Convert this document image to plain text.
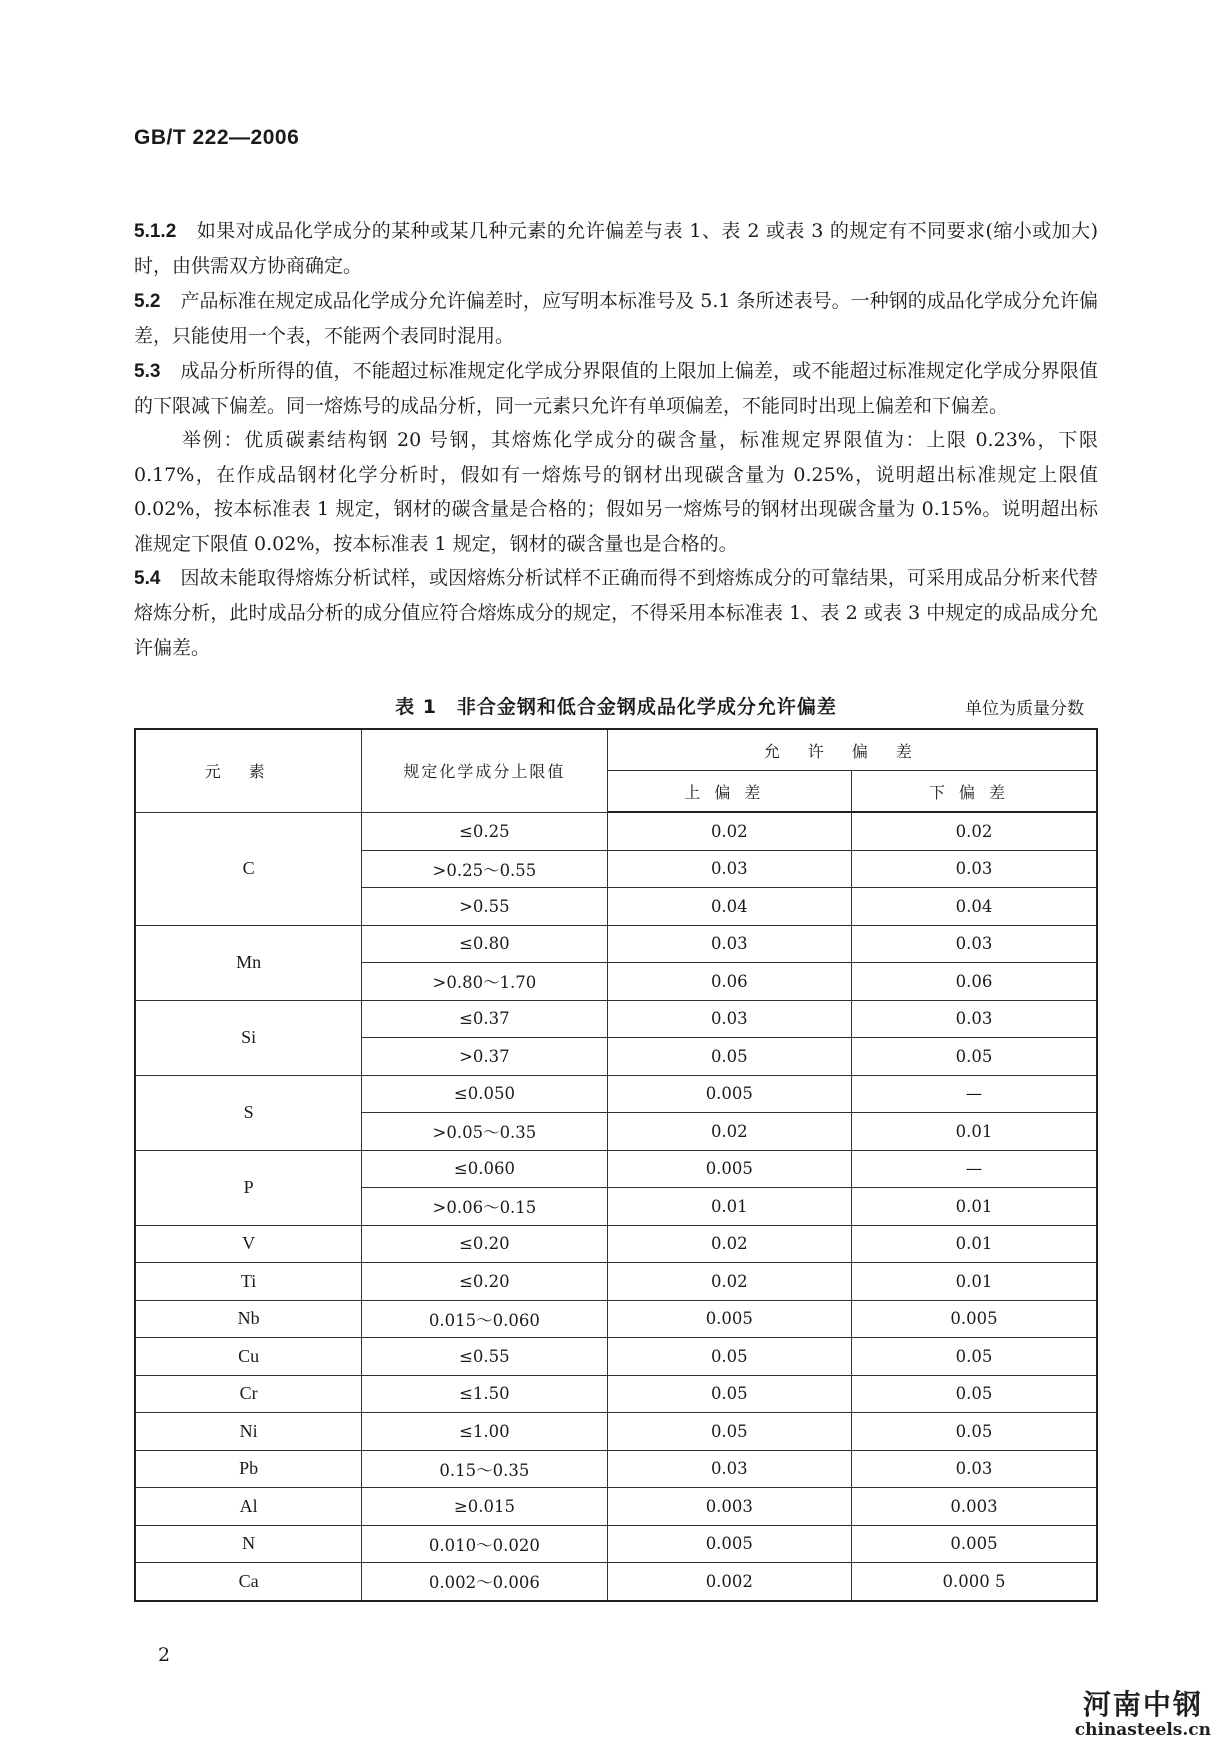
GB/T 222—2006

5.1.2 如果对成品化学成分的某种或某几种元素的允许偏差与表 1、表 2 或表 3 的规定有不同要求(缩小或加大)时，由供需双方协商确定。

5.2 产品标准在规定成品化学成分允许偏差时，应写明本标准号及 5.1 条所述表号。一种钢的成品化学成分允许偏差，只能使用一个表，不能两个表同时混用。

5.3 成品分析所得的值，不能超过标准规定化学成分界限值的上限加上偏差，或不能超过标准规定化学成分界限值的下限减下偏差。同一熔炼号的成品分析，同一元素只允许有单项偏差，不能同时出现上偏差和下偏差。

举例：优质碳素结构钢 20 号钢，其熔炼化学成分的碳含量，标准规定界限值为：上限 0.23%，下限 0.17%，在作成品钢材化学分析时，假如有一熔炼号的钢材出现碳含量为 0.25%，说明超出标准规定上限值 0.02%，按本标准表 1 规定，钢材的碳含量是合格的；假如另一熔炼号的钢材出现碳含量为 0.15%。说明超出标准规定下限值 0.02%，按本标准表 1 规定，钢材的碳含量也是合格的。

5.4 因故未能取得熔炼分析试样，或因熔炼分析试样不正确而得不到熔炼成分的可靠结果，可采用成品分析来代替熔炼分析，此时成品分析的成分值应符合熔炼成分的规定，不得采用本标准表 1、表 2 或表 3 中规定的成品成分允许偏差。

表 1　非合金钢和低合金钢成品化学成分允许偏差	单位为质量分数
元素	规定化学成分上限值	允许偏差	
		上偏差	下偏差
C	≤0.25	0.02	0.02
	>0.25～0.55	0.03	0.03
	>0.55	0.04	0.04
Mn	≤0.80	0.03	0.03
	>0.80～1.70	0.06	0.06
Si	≤0.37	0.03	0.03
	>0.37	0.05	0.05
S	≤0.050	0.005	—
	>0.05～0.35	0.02	0.01
P	≤0.060	0.005	—
	>0.06～0.15	0.01	0.01
V	≤0.20	0.02	0.01
Ti	≤0.20	0.02	0.01
Nb	0.015～0.060	0.005	0.005
Cu	≤0.55	0.05	0.05
Cr	≤1.50	0.05	0.05
Ni	≤1.00	0.05	0.05
Pb	0.15～0.35	0.03	0.03
Al	≥0.015	0.003	0.003
N	0.010～0.020	0.005	0.005
Ca	0.002～0.006	0.002	0.000 5
2
河南中钢
chinasteels.cn
